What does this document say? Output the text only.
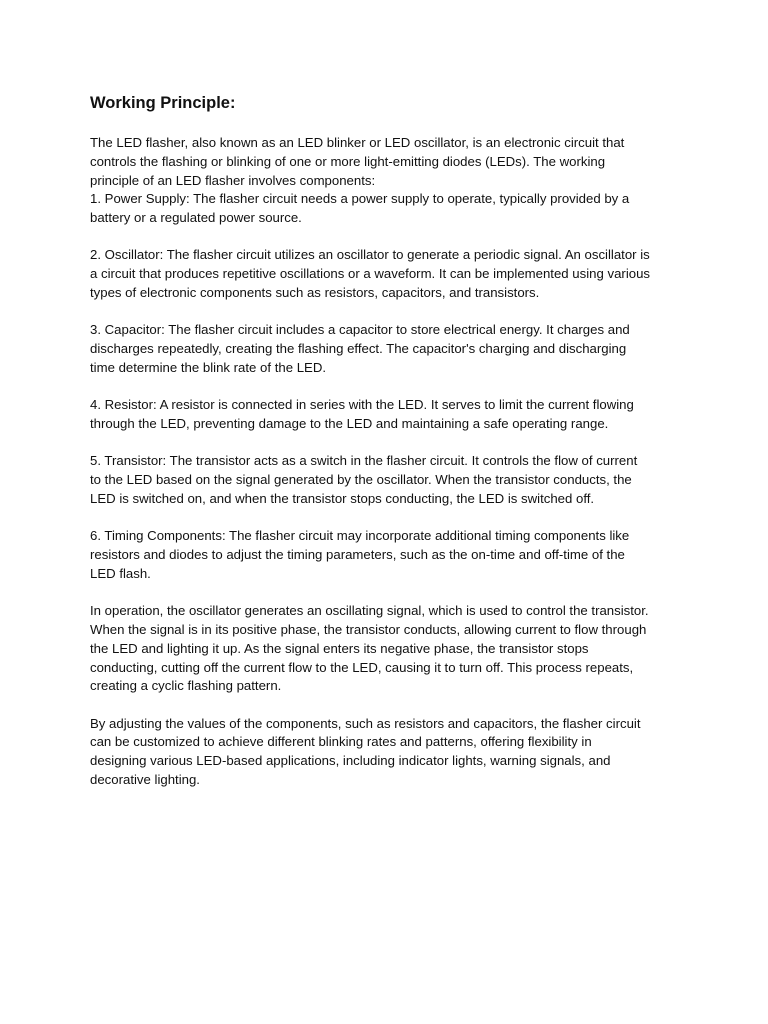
Working Principle:

The LED flasher, also known as an LED blinker or LED oscillator, is an electronic circuit that
controls the flashing or blinking of one or more light-emitting diodes (LEDs). The working
principle of an LED flasher involves components:
1. Power Supply: The flasher circuit needs a power supply to operate, typically provided by a
battery or a regulated power source.

2. Oscillator: The flasher circuit utilizes an oscillator to generate a periodic signal. An oscillator is
a circuit that produces repetitive oscillations or a waveform. It can be implemented using various
types of electronic components such as resistors, capacitors, and transistors.

3. Capacitor: The flasher circuit includes a capacitor to store electrical energy. It charges and
discharges repeatedly, creating the flashing effect. The capacitor's charging and discharging
time determine the blink rate of the LED.

4. Resistor: A resistor is connected in series with the LED. It serves to limit the current flowing
through the LED, preventing damage to the LED and maintaining a safe operating range.

5. Transistor: The transistor acts as a switch in the flasher circuit. It controls the flow of current
to the LED based on the signal generated by the oscillator. When the transistor conducts, the
LED is switched on, and when the transistor stops conducting, the LED is switched off.

6. Timing Components: The flasher circuit may incorporate additional timing components like
resistors and diodes to adjust the timing parameters, such as the on-time and off-time of the
LED flash.

In operation, the oscillator generates an oscillating signal, which is used to control the transistor.
When the signal is in its positive phase, the transistor conducts, allowing current to flow through
the LED and lighting it up. As the signal enters its negative phase, the transistor stops
conducting, cutting off the current flow to the LED, causing it to turn off. This process repeats,
creating a cyclic flashing pattern.

By adjusting the values of the components, such as resistors and capacitors, the flasher circuit
can be customized to achieve different blinking rates and patterns, offering flexibility in
designing various LED-based applications, including indicator lights, warning signals, and
decorative lighting.
